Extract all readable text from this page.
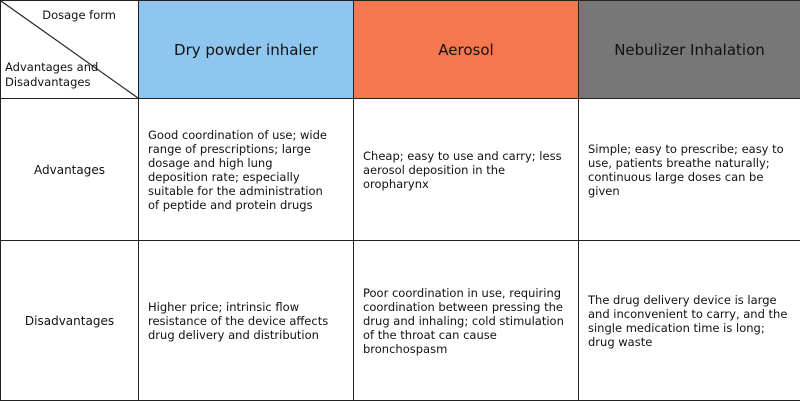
Dosage form
Advantages and Disadvantages	Dry powder inhaler	Aerosol	Nebulizer Inhalation
Advantages	Good coordination of use; wide range of prescriptions; large dosage and high lung deposition rate; especially suitable for the administration of peptide and protein drugs	Cheap; easy to use and carry; less aerosol deposition in the oropharynx	Simple; easy to prescribe; easy to use, patients breathe naturally; continuous large doses can be given

Disadvantages	Higher price; intrinsic flow resistance of the device affects drug delivery and distribution	Poor coordination in use, requiring coordination between pressing the drug and inhaling; cold stimulation of the throat can cause bronchospasm	The drug delivery device is large and inconvenient to carry, and the single medication time is long; drug waste
